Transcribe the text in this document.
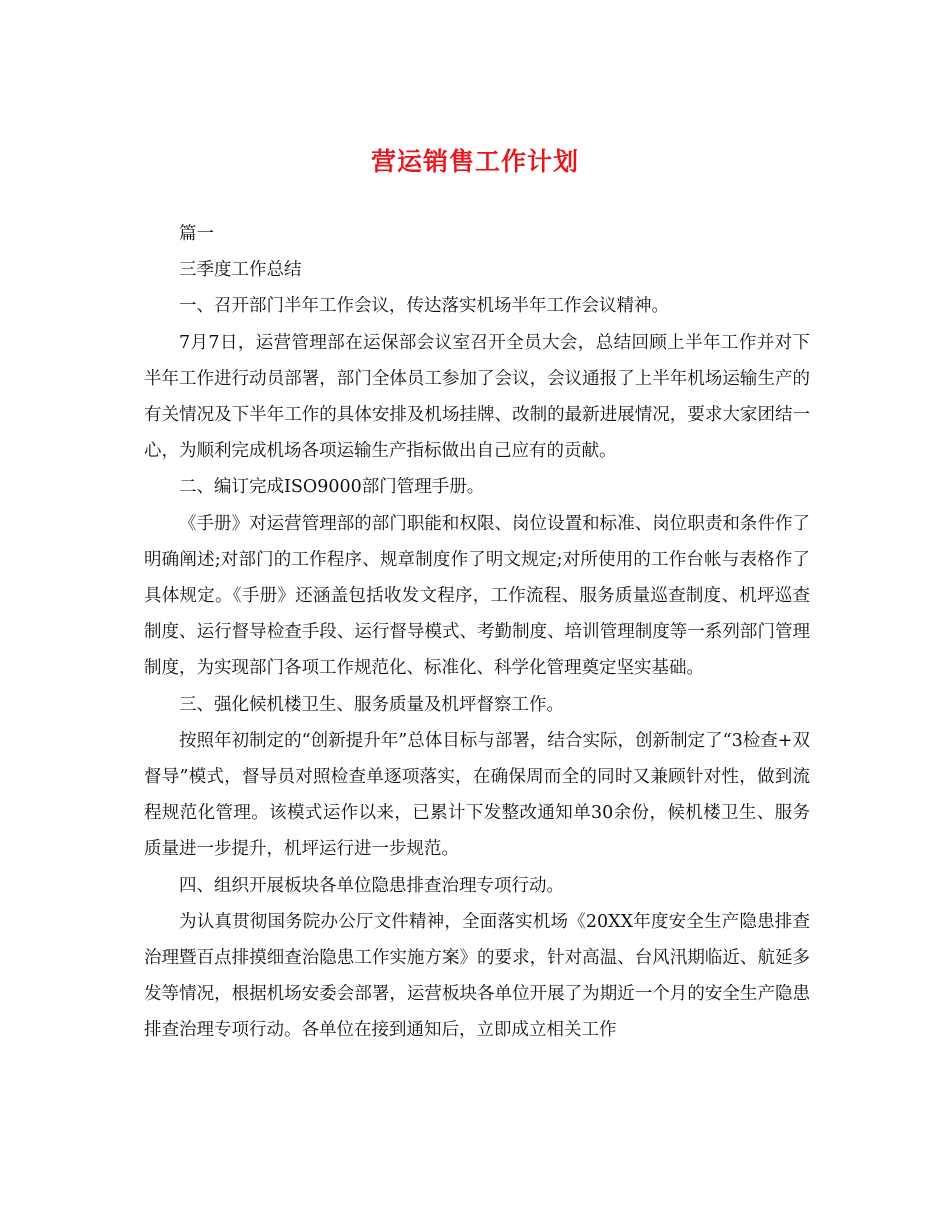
营运销售工作计划

篇一

三季度工作总结

一、召开部门半年工作会议，传达落实机场半年工作会议精神。

7月7日，运营管理部在运保部会议室召开全员大会，总结回顾上半年工作并对下半年工作进行动员部署，部门全体员工参加了会议，会议通报了上半年机场运输生产的有关情况及下半年工作的具体安排及机场挂牌、改制的最新进展情况，要求大家团结一心，为顺利完成机场各项运输生产指标做出自己应有的贡献。

二、编订完成ISO9000部门管理手册。

《手册》对运营管理部的部门职能和权限、岗位设置和标准、岗位职责和条件作了明确阐述;对部门的工作程序、规章制度作了明文规定;对所使用的工作台帐与表格作了具体规定。《手册》还涵盖包括收发文程序，工作流程、服务质量巡查制度、机坪巡查制度、运行督导检查手段、运行督导模式、考勤制度、培训管理制度等一系列部门管理制度，为实现部门各项工作规范化、标准化、科学化管理奠定坚实基础。

三、强化候机楼卫生、服务质量及机坪督察工作。

按照年初制定的“创新提升年”总体目标与部署，结合实际，创新制定了“3检查+双督导”模式，督导员对照检查单逐项落实，在确保周而全的同时又兼顾针对性，做到流程规范化管理。该模式运作以来，已累计下发整改通知单30余份，候机楼卫生、服务质量进一步提升，机坪运行进一步规范。

四、组织开展板块各单位隐患排查治理专项行动。

为认真贯彻国务院办公厅文件精神，全面落实机场《20XX年度安全生产隐患排查治理暨百点排摸细查治隐患工作实施方案》的要求，针对高温、台风汛期临近、航延多发等情况，根据机场安委会部署，运营板块各单位开展了为期近一个月的安全生产隐患排查治理专项行动。各单位在接到通知后，立即成立相关工作
